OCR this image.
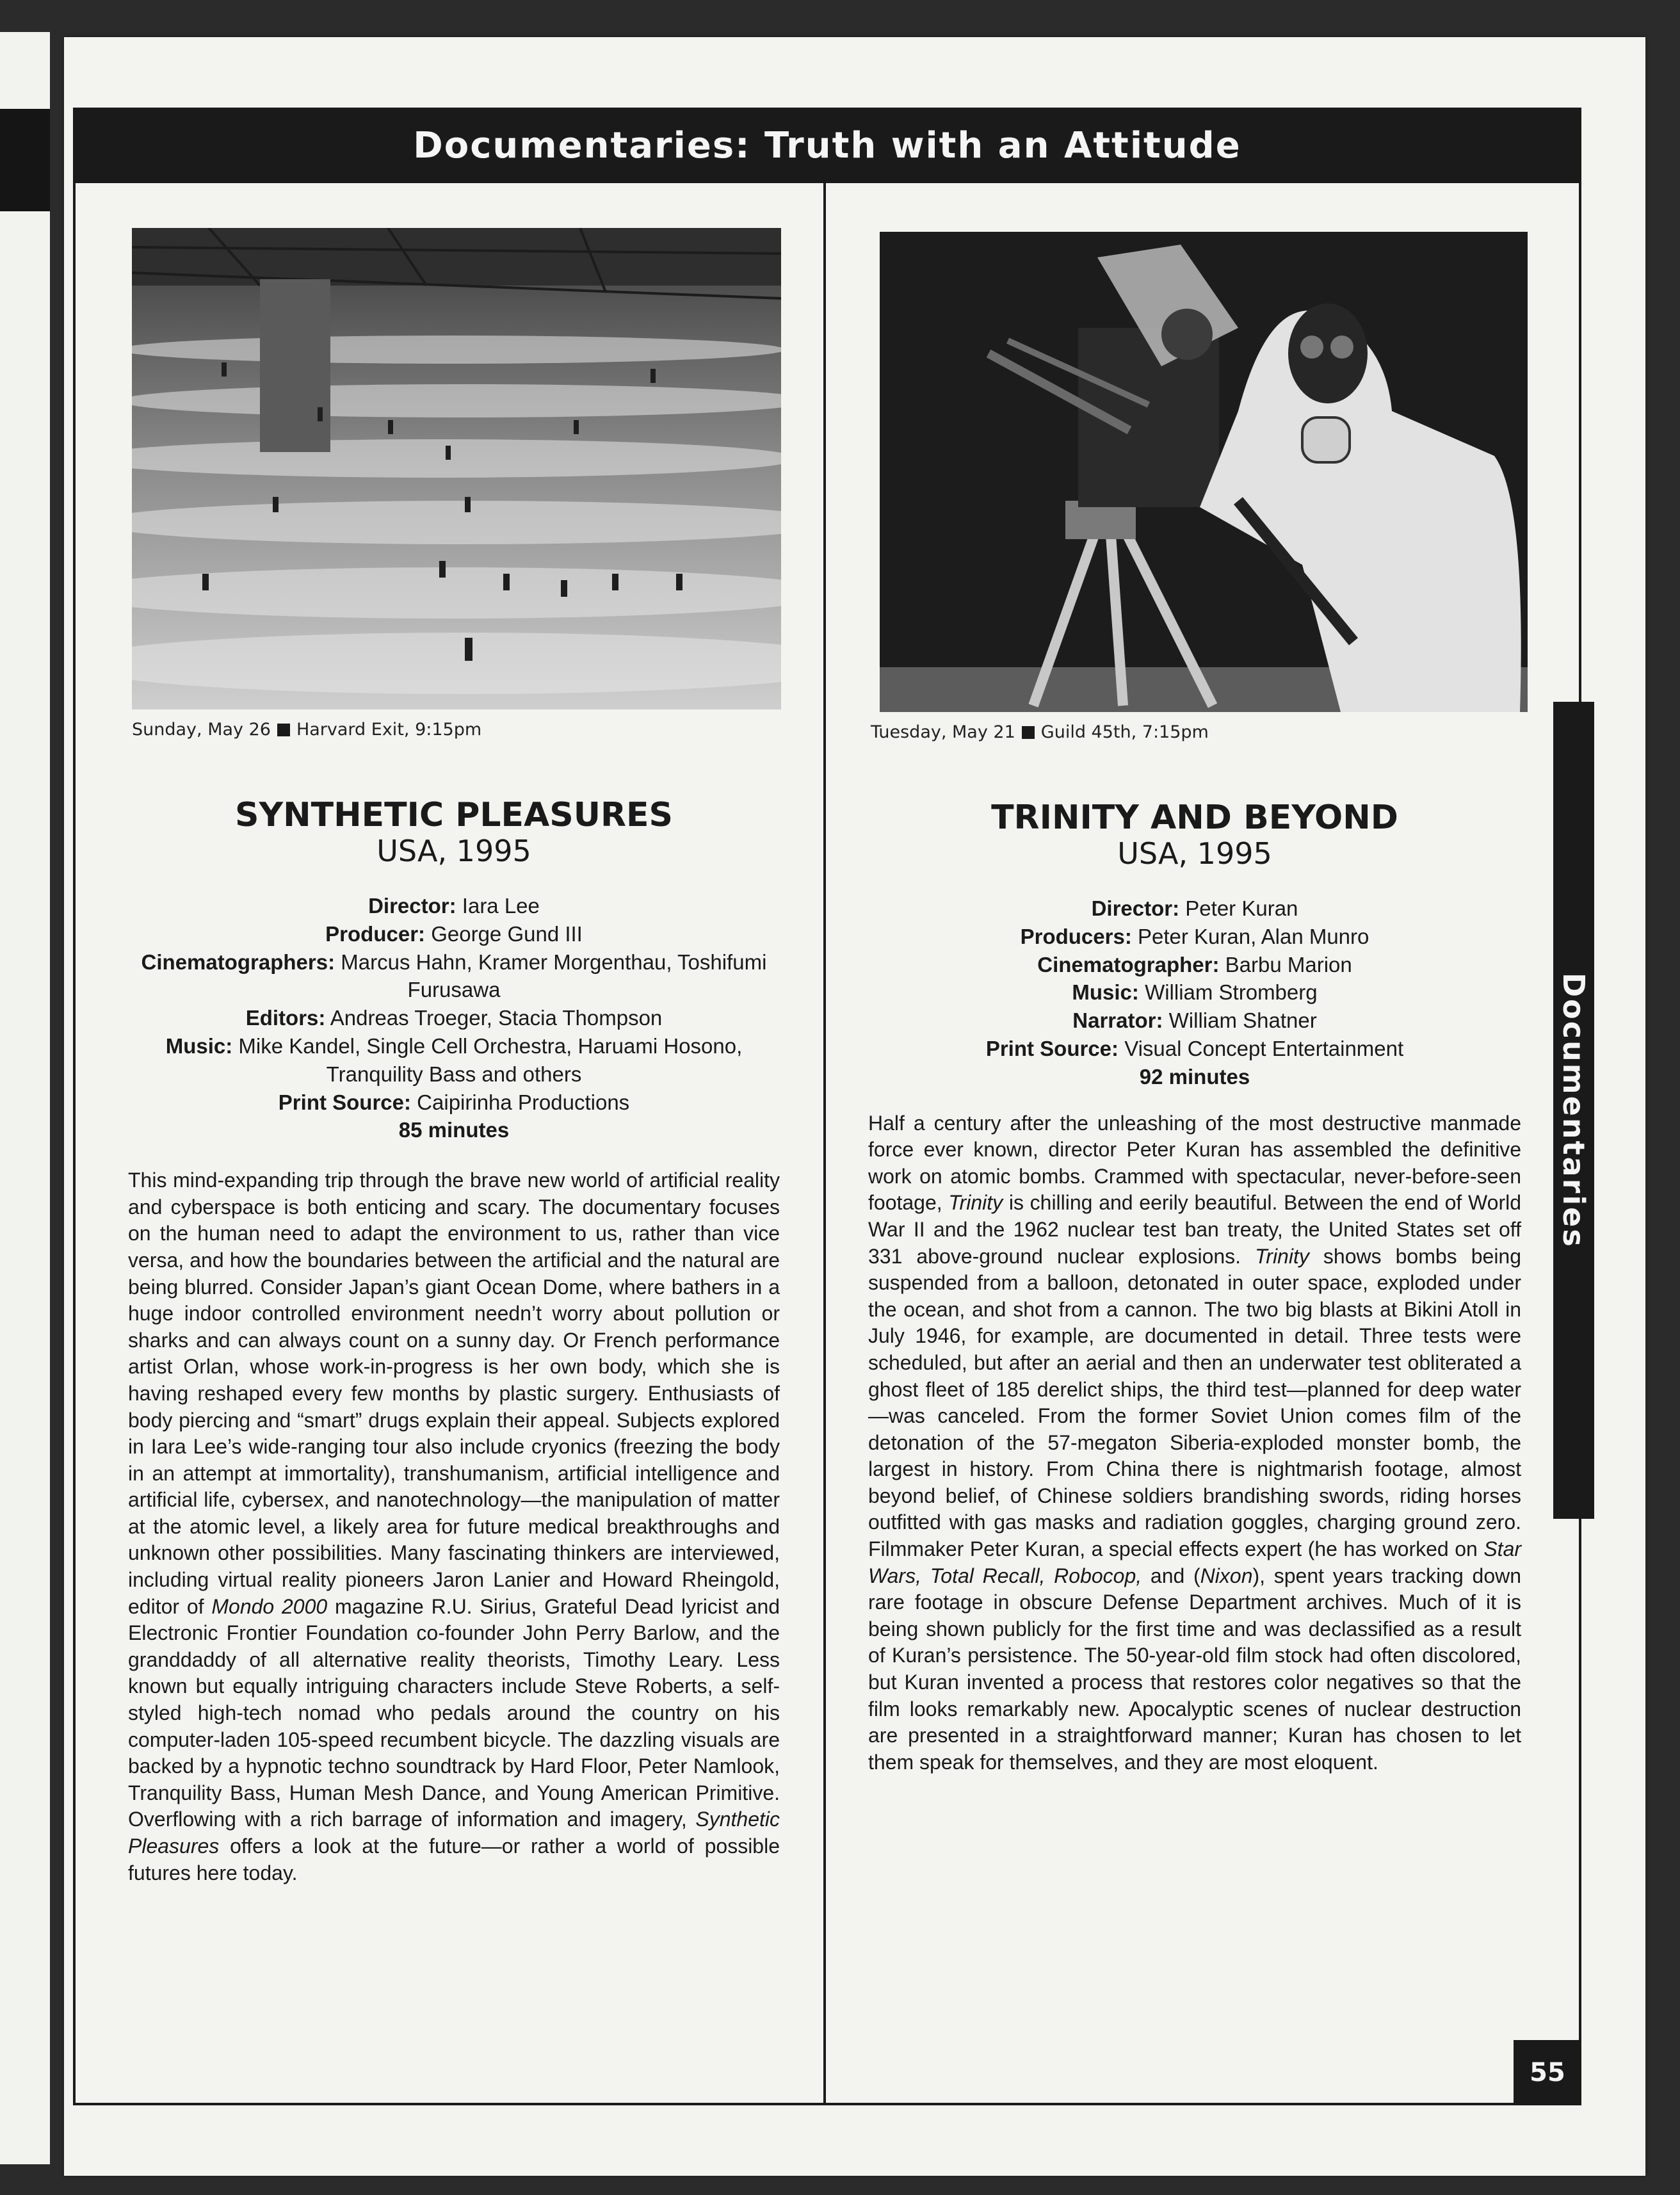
Documentaries: Truth with an Attitude
Documentaries
55
Sunday, May 26 Harvard Exit, 9:15pm
SYNTHETIC PLEASURES
USA, 1995
Director: Iara Lee
Producer: George Gund III
Cinematographers: Marcus Hahn, Kramer Morgenthau, Toshifumi Furusawa
Editors: Andreas Troeger, Stacia Thompson
Music: Mike Kandel, Single Cell Orchestra, Haruami Hosono, Tranquility Bass and others
Print Source: Caipirinha Productions
85 minutes
This mind-expanding trip through the brave new world of artificial reality and cyberspace is both enticing and scary. The documentary focuses on the human need to adapt the environment to us, rather than vice versa, and how the boundaries between the artificial and the natural are being blurred. Consider Japan’s giant Ocean Dome, where bathers in a huge indoor controlled environment needn’t worry about pollution or sharks and can always count on a sunny day. Or French performance artist Orlan, whose work-in-progress is her own body, which she is having reshaped every few months by plastic surgery. Enthusiasts of body piercing and “smart” drugs explain their appeal. Subjects explored in Iara Lee’s wide-ranging tour also include cryonics (freezing the body in an attempt at immortality), transhumanism, artificial intelligence and artificial life, cybersex, and nanotechnology—the manipulation of matter at the atomic level, a likely area for future medical breakthroughs and unknown other possibilities. Many fascinating thinkers are interviewed, including virtual reality pioneers Jaron Lanier and Howard Rheingold, editor of Mondo 2000 magazine R.U. Sirius, Grateful Dead lyricist and Electronic Frontier Foundation co-founder John Perry Barlow, and the granddaddy of all alternative reality theorists, Timothy Leary. Less known but equally intriguing characters include Steve Roberts, a self-styled high-tech nomad who pedals around the country on his computer-laden 105-speed recumbent bicycle. The dazzling visuals are backed by a hypnotic techno soundtrack by Hard Floor, Peter Namlook, Tranquility Bass, Human Mesh Dance, and Young American Primitive. Overflowing with a rich barrage of information and imagery, Synthetic Pleasures offers a look at the future—or rather a world of possible futures here today.
Tuesday, May 21 Guild 45th, 7:15pm
TRINITY AND BEYOND
USA, 1995
Director: Peter Kuran
Producers: Peter Kuran, Alan Munro
Cinematographer: Barbu Marion
Music: William Stromberg
Narrator: William Shatner
Print Source: Visual Concept Entertainment
92 minutes
Half a century after the unleashing of the most destructive manmade force ever known, director Peter Kuran has assembled the definitive work on atomic bombs. Crammed with spectacular, never-before-seen footage, Trinity is chilling and eerily beautiful. Between the end of World War II and the 1962 nuclear test ban treaty, the United States set off 331 above-ground nuclear explosions. Trinity shows bombs being suspended from a balloon, detonated in outer space, exploded under the ocean, and shot from a cannon. The two big blasts at Bikini Atoll in July 1946, for example, are documented in detail. Three tests were scheduled, but after an aerial and then an underwater test obliterated a ghost fleet of 185 derelict ships, the third test—planned for deep water—was canceled. From the former Soviet Union comes film of the detonation of the 57-megaton Siberia-exploded monster bomb, the largest in history. From China there is nightmarish footage, almost beyond belief, of Chinese soldiers brandishing swords, riding horses outfitted with gas masks and radiation goggles, charging ground zero. Filmmaker Peter Kuran, a special effects expert (he has worked on Star Wars, Total Recall, Robocop, and (Nixon), spent years tracking down rare footage in obscure Defense Department archives. Much of it is being shown publicly for the first time and was declassified as a result of Kuran’s persistence. The 50-year-old film stock had often discolored, but Kuran invented a process that restores color negatives so that the film looks remarkably new. Apocalyptic scenes of nuclear destruction are presented in a straightforward manner; Kuran has chosen to let them speak for themselves, and they are most eloquent.
